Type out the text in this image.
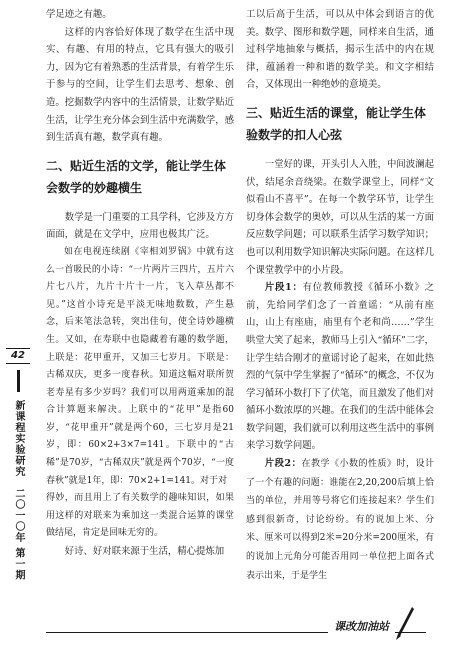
学足迹之有趣。

这样的内容恰好体现了数学在生活中现实、有趣、有用的特点，它具有强大的吸引力，因为它有着熟悉的生活背景，有着学生乐于参与的空间，让学生们去思考、想象、创造。挖掘数学内容中的生活情景，让数学贴近生活，让学生充分体会到生活中充满数学，感到生活真有趣，数学真有趣。

二、贴近生活的文学，能让学生体会数学的妙趣横生

数学是一门重要的工具学科，它涉及方方面面，就是在文学中，应用也极其广泛。

如在电视连续剧《宰相刘罗锅》中就有这么一首吸民的小诗：“一片两片三四片，五片六片七八片，九片十片十一片，飞入草丛都不见。”这首小诗充是平淡无味地数数，产生悬念，后来笔法急转，突出佳句，使全诗妙趣横生。又如，在寿联中也隐藏着有趣的数学题，上联是：花甲重开，又加三七岁月。下联是：古稀双庆，更多一度春秋。知道这幅对联所贺老寿星有多少岁吗？我们可以用两道乘加的混合计算题来解决。上联中的“花甲”是指60岁，“花甲重开”就是两个60，三七岁月是21岁，即：60×2+3×7=141。下联中的“古稀”是70岁，“古稀双庆”就是两个70岁，“一度春秋”就是1年，即：70×2+1=141。对于对

得妙，而且用上了有关数学的趣味知识，如果用这样的对联来为乘加这一类混合运算的课堂做结尾，肯定是回味无穷的。

好诗、好对联来源于生活，精心提炼加

工以后高于生活，可以从中体会到语言的优美。数学、图形和数学题，同样来自生活，通过科学地抽象与概括，揭示生活中的内在规律，蕴涵着一种和谐的数学美。和文字相结合，又体现出一种绝妙的意境美。

三、贴近生活的课堂，能让学生体验数学的扣人心弦

一堂好的课，开头引人入胜，中间波澜起伏，结尾余音绕梁。在数学课堂上，同样“文似看山不喜平”。在每一个教学环节，让学生切身体会数学的奥妙，可以从生活的某一方面反应数学问题；可以联系生活学习数学知识；也可以利用数学知识解决实际问题。在这样几个课堂教学中的小片段。

片段1：有位教师教授《循环小数》之前，先给同学们念了一首童谣：“从前有座山，山上有座庙，庙里有个老和尚……”学生哄堂大笑了起来，教师马上引入“循环”二字，让学生结合刚才的童谣讨论了起来，在如此热烈的气氛中学生掌握了“循环”的概念，不仅为学习循环小数打下了伏笔，而且激发了他们对循环小数浓厚的兴趣。在我们的生活中能体会数学问题，我们就可以利用这些生活中的事例来学习数学问题。

片段2：在教学《小数的性质》时，设计了一个有趣的问题：谁能在2,20,200后填上恰当的单位，并用等号将它们连接起来？学生们感到很新奇，讨论纷纷。有的说加上米、分米、厘米可以得到2米=20分米=200厘米，有的说加上元角分可能否用同一单位把上面各式表示出来，于是学生

42
新课程实验研究
二〇一〇年 第一期
课改加油站
